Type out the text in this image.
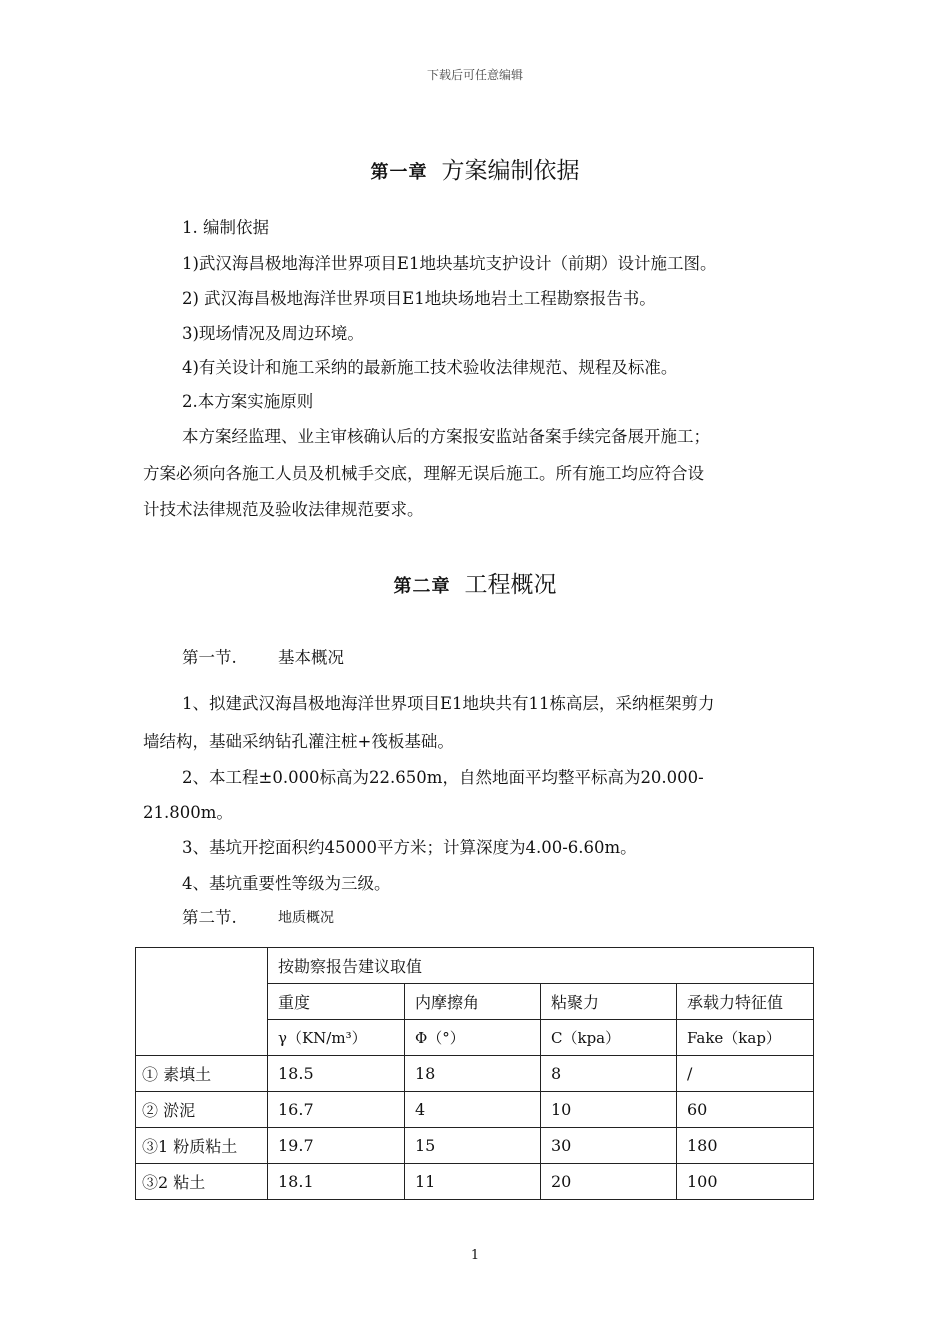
下载后可任意编辑
第一章 方案编制依据
1. 编制依据
1)武汉海昌极地海洋世界项目E1地块基坑支护设计（前期）设计施工图。
2) 武汉海昌极地海洋世界项目E1地块场地岩土工程勘察报告书。
3)现场情况及周边环境。
4)有关设计和施工采纳的最新施工技术验收法律规范、规程及标准。
2.本方案实施原则
本方案经监理、业主审核确认后的方案报安监站备案手续完备展开施工；
方案必须向各施工人员及机械手交底，理解无误后施工。所有施工均应符合设
计技术法律规范及验收法律规范要求。
第二章 工程概况
第一节.	基本概况
1、拟建武汉海昌极地海洋世界项目E1地块共有11栋高层，采纳框架剪力
墙结构，基础采纳钻孔灌注桩+筏板基础。
2、本工程±0.000标高为22.650m，自然地面平均整平标高为20.000-
21.800m。
3、基坑开挖面积约45000平方米；计算深度为4.00-6.60m。
4、基坑重要性等级为三级。
第二节.	地质概况
	按勘察报告建议取值			
	重度	内摩擦角	粘聚力	承载力特征值
	γ（KN/m³）	Φ（°）	C（kpa）	Fake（kap）
① 素填土	18.5	18	8	/
② 淤泥	16.7	4	10	60
③1 粉质粘土	19.7	15	30	180
③2 粘土	18.1	11	20	100
1
